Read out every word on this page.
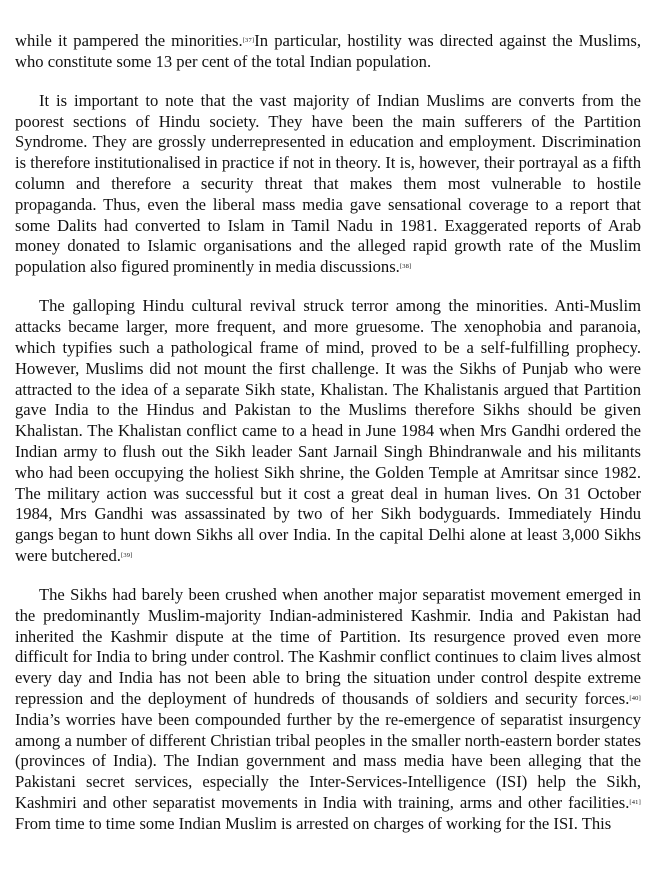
while it pampered the minorities.[37]In particular, hostility was directed against the Muslims, who constitute some 13 per cent of the total Indian population.

It is important to note that the vast majority of Indian Muslims are converts from the poorest sections of Hindu society. They have been the main sufferers of the Partition Syndrome. They are grossly underrepresented in education and employment. Discrimination is therefore institutionalised in practice if not in theory. It is, however, their portrayal as a fifth column and therefore a security threat that makes them most vulnerable to hostile propaganda. Thus, even the liberal mass media gave sensational coverage to a report that some Dalits had converted to Islam in Tamil Nadu in 1981. Exaggerated reports of Arab money donated to Islamic organisations and the alleged rapid growth rate of the Muslim population also figured prominently in media discussions.[38]

The galloping Hindu cultural revival struck terror among the minorities. Anti-Muslim attacks became larger, more frequent, and more gruesome. The xenophobia and paranoia, which typifies such a pathological frame of mind, proved to be a self-fulfilling prophecy. However, Muslims did not mount the first challenge. It was the Sikhs of Punjab who were attracted to the idea of a separate Sikh state, Khalistan. The Khalistanis argued that Partition gave India to the Hindus and Pakistan to the Muslims therefore Sikhs should be given Khalistan. The Khalistan conflict came to a head in June 1984 when Mrs Gandhi ordered the Indian army to flush out the Sikh leader Sant Jarnail Singh Bhindranwale and his militants who had been occupying the holiest Sikh shrine, the Golden Temple at Amritsar since 1982. The military action was successful but it cost a great deal in human lives. On 31 October 1984, Mrs Gandhi was assassinated by two of her Sikh bodyguards. Immediately Hindu gangs began to hunt down Sikhs all over India. In the capital Delhi alone at least 3,000 Sikhs were butchered.[39]

The Sikhs had barely been crushed when another major separatist movement emerged in the predominantly Muslim-majority Indian-administered Kashmir. India and Pakistan had inherited the Kashmir dispute at the time of Partition. Its resurgence proved even more difficult for India to bring under control. The Kashmir conflict continues to claim lives almost every day and India has not been able to bring the situation under control despite extreme repression and the deployment of hundreds of thousands of soldiers and security forces.[40] India’s worries have been compounded further by the re-emergence of separatist insurgency among a number of different Christian tribal peoples in the smaller north-eastern border states (provinces of India). The Indian government and mass media have been alleging that the Pakistani secret services, especially the Inter-Services-Intelligence (ISI) help the Sikh, Kashmiri and other separatist movements in India with training, arms and other facilities.[41] From time to time some Indian Muslim is arrested on charges of working for the ISI. This
